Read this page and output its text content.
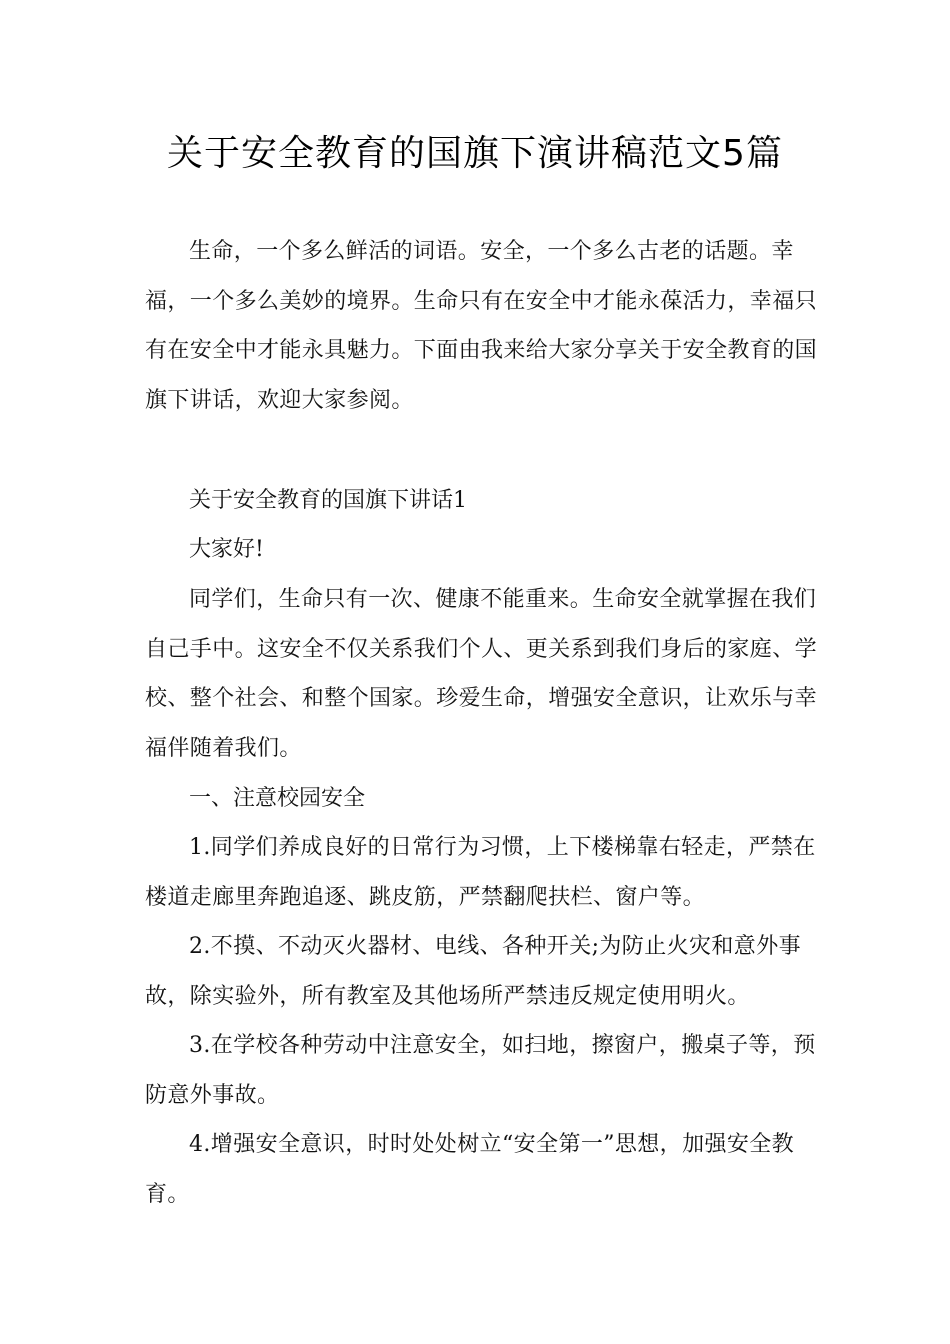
关于安全教育的国旗下演讲稿范文5篇

生命，一个多么鲜活的词语。安全，一个多么古老的话题。幸福，一个多么美妙的境界。生命只有在安全中才能永葆活力，幸福只有在安全中才能永具魅力。下面由我来给大家分享关于安全教育的国旗下讲话，欢迎大家参阅。

关于安全教育的国旗下讲话1

大家好!

同学们，生命只有一次、健康不能重来。生命安全就掌握在我们自己手中。这安全不仅关系我们个人、更关系到我们身后的家庭、学校、整个社会、和整个国家。珍爱生命，增强安全意识，让欢乐与幸福伴随着我们。

一、注意校园安全

1.同学们养成良好的日常行为习惯，上下楼梯靠右轻走，严禁在楼道走廊里奔跑追逐、跳皮筋，严禁翻爬扶栏、窗户等。

2.不摸、不动灭火器材、电线、各种开关;为防止火灾和意外事故，除实验外，所有教室及其他场所严禁违反规定使用明火。

3.在学校各种劳动中注意安全，如扫地，擦窗户，搬桌子等，预防意外事故。

4.增强安全意识，时时处处树立“安全第一”思想，加强安全教育。
